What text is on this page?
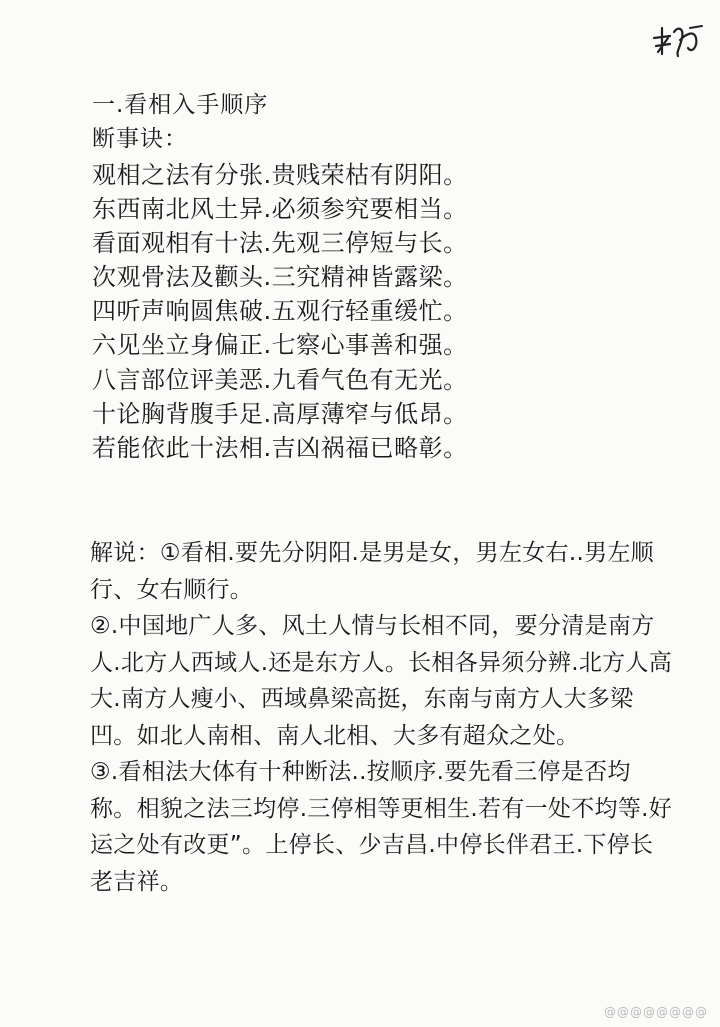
一.看相入手顺序
断事诀：
观相之法有分张.贵贱荣枯有阴阳。
东西南北风土异.必须参究要相当。
看面观相有十法.先观三停短与长。
次观骨法及颧头.三究精神皆露梁。
四听声响圆焦破.五观行轻重缓忙。
六见坐立身偏正.七察心事善和强。
八言部位评美恶.九看气色有无光。
十论胸背腹手足.高厚薄窄与低昂。
若能依此十法相.吉凶祸福已略彰。
解说：①看相.要先分阴阳.是男是女，男左女右..男左顺
行、女右顺行。
②.中国地广人多、风土人情与长相不同，要分清是南方
人.北方人西域人.还是东方人。长相各异须分辨.北方人高
大.南方人瘦小、西域鼻梁高挺，东南与南方人大多梁
凹。如北人南相、南人北相、大多有超众之处。
③.看相法大体有十种断法..按顺序.要先看三停是否均
称。相貌之法三均停.三停相等更相生.若有一处不均等.好
运之处有改更”。上停长、少吉昌.中停长伴君王.下停长
老吉祥。
@@@@@@@@
